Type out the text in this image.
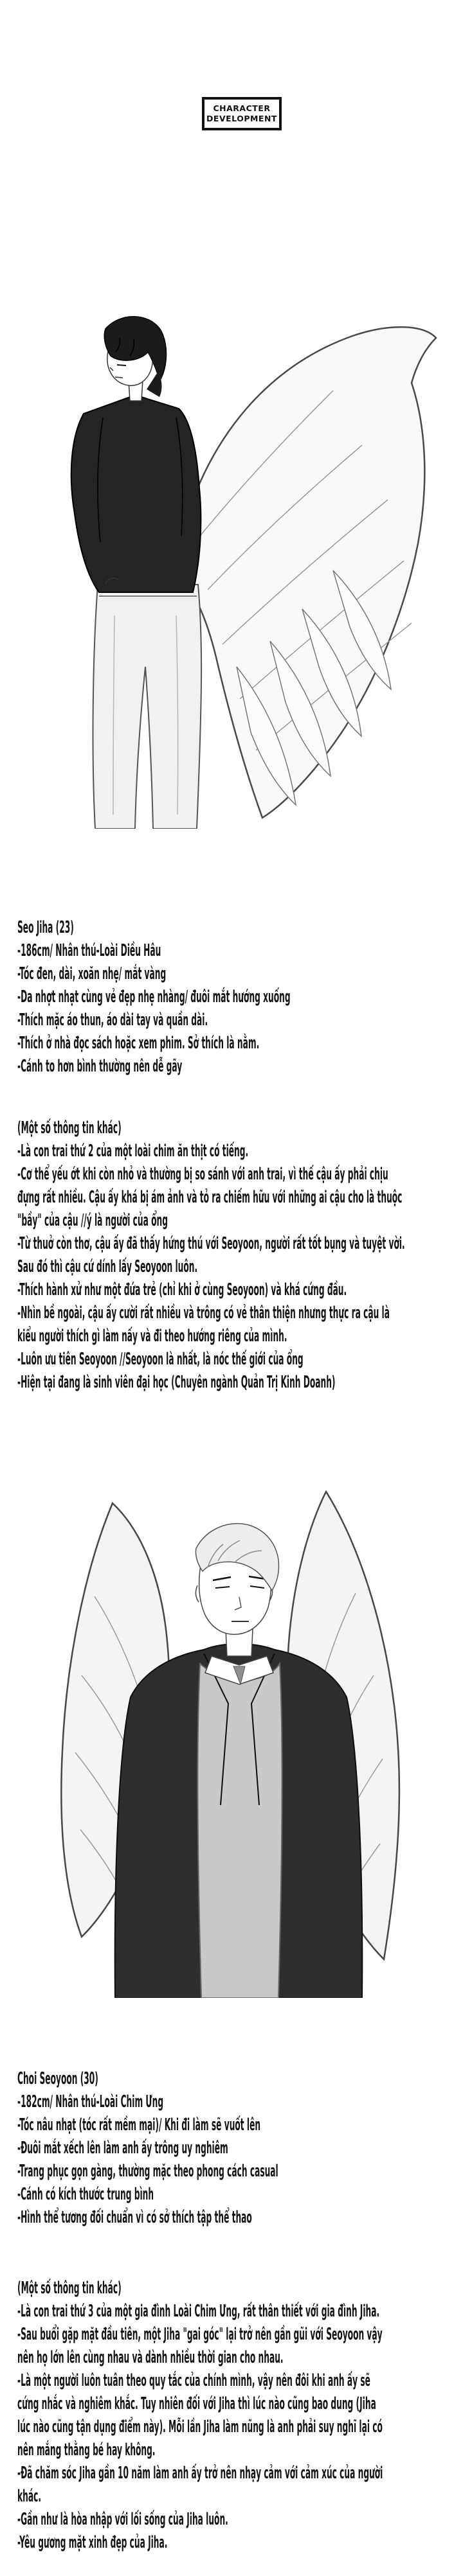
CHARACTER
DEVELOPMENT
Seo Jiha (23)
-186cm/ Nhân thú-Loài Diều Hâu
-Tóc đen, dài, xoăn nhẹ/ mắt vàng
-Da nhợt nhạt cùng vẻ đẹp nhẹ nhàng/ đuôi mắt hướng xuống
-Thích mặc áo thun, áo dài tay và quần dài.
-Thích ở nhà đọc sách hoặc xem phim. Sở thích là nằm.
-Cánh to hơn bình thường nên dễ gãy
(Một số thông tin khác)
-Là con trai thứ 2 của một loài chim ăn thịt có tiếng.
-Cơ thể yếu ớt khi còn nhỏ và thường bị so sánh với anh trai, vì thế cậu ấy phải chịu
đựng rất nhiều. Cậu ấy khá bị ám ảnh và tỏ ra chiếm hữu với những ai cậu cho là thuộc
"bầy" của cậu //ý là người của ổng
-Từ thuở còn thơ, cậu ấy đã thấy hứng thú với Seoyoon, người rất tốt bụng và tuyệt vời.
Sau đó thì cậu cứ dính lấy Seoyoon luôn.
-Thích hành xử như một đứa trẻ (chỉ khi ở cùng Seoyoon) và khá cứng đầu.
-Nhìn bề ngoài, cậu ấy cười rất nhiều và trông có vẻ thân thiện nhưng thực ra cậu là
kiểu người thích gì làm nấy và đi theo hướng riêng của mình.
-Luôn ưu tiên Seoyoon //Seoyoon là nhất, là nóc thế giới của ổng
-Hiện tại đang là sinh viên đại học (Chuyên ngành Quản Trị Kinh Doanh)
Choi Seoyoon (30)
-182cm/ Nhân thú-Loài Chim Ưng
-Tóc nâu nhạt (tóc rất mềm mại)/ Khi đi làm sẽ vuốt lên
-Đuôi mắt xếch lên làm anh ấy trông uy nghiêm
-Trang phục gọn gàng, thường mặc theo phong cách casual
-Cánh có kích thước trung bình
-Hình thể tương đối chuẩn vì có sở thích tập thể thao
(Một số thông tin khác)
-Là con trai thứ 3 của một gia đình Loài Chim Ưng, rất thân thiết với gia đình Jiha.
-Sau buổi gặp mặt đầu tiên, một Jiha "gai góc" lại trở nên gần gũi với Seoyoon vậy
nên họ lớn lên cùng nhau và dành nhiều thời gian cho nhau.
-Là một người luôn tuân theo quy tắc của chính mình, vậy nên đôi khi anh ấy sẽ
cứng nhắc và nghiêm khắc. Tuy nhiên đối với Jiha thì lúc nào cũng bao dung (Jiha
lúc nào cũng tận dụng điểm này). Mỗi lần Jiha làm nũng là anh phải suy nghĩ lại có
nên mắng thằng bé hay không.
-Đã chăm sóc Jiha gần 10 năm làm anh ấy trở nên nhạy cảm với cảm xúc của người
khác.
-Gần như là hòa nhập với lối sống của Jiha luôn.
-Yêu gương mặt xinh đẹp của Jiha.
